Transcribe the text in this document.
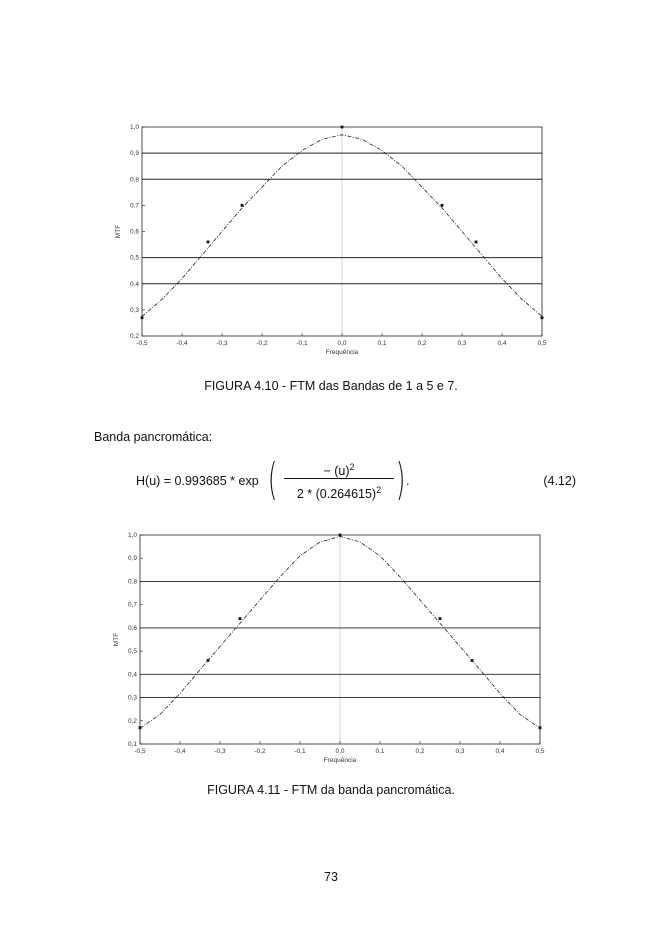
0,2
0,3
0,4
0,5
0,6
0,7
0,8
0,9
1,0
-0,5	-0,4	-0,3	-0,2	-0,1	0,0	0,1	0,2	0,3	0,4	0,5
Frequência
MTF
FIGURA 4.10 - FTM das Bandas de 1 a 5 e 7.
Banda pancromática:
H(u) = 0.993685 * exp (	− $(u)^2$
$2 * (0.264615)^2$ ) .	(4.12)
0,1
0,2
0,3
0,4
0,5
0,6
0,7
0,8
0,9
1,0
-0,5	-0,4	-0,3	-0,2	-0,1	0,0	0,1	0,2	0,3	0,4	0,5
Frequência
MTF
FIGURA 4.11 - FTM da banda pancromática.
73
